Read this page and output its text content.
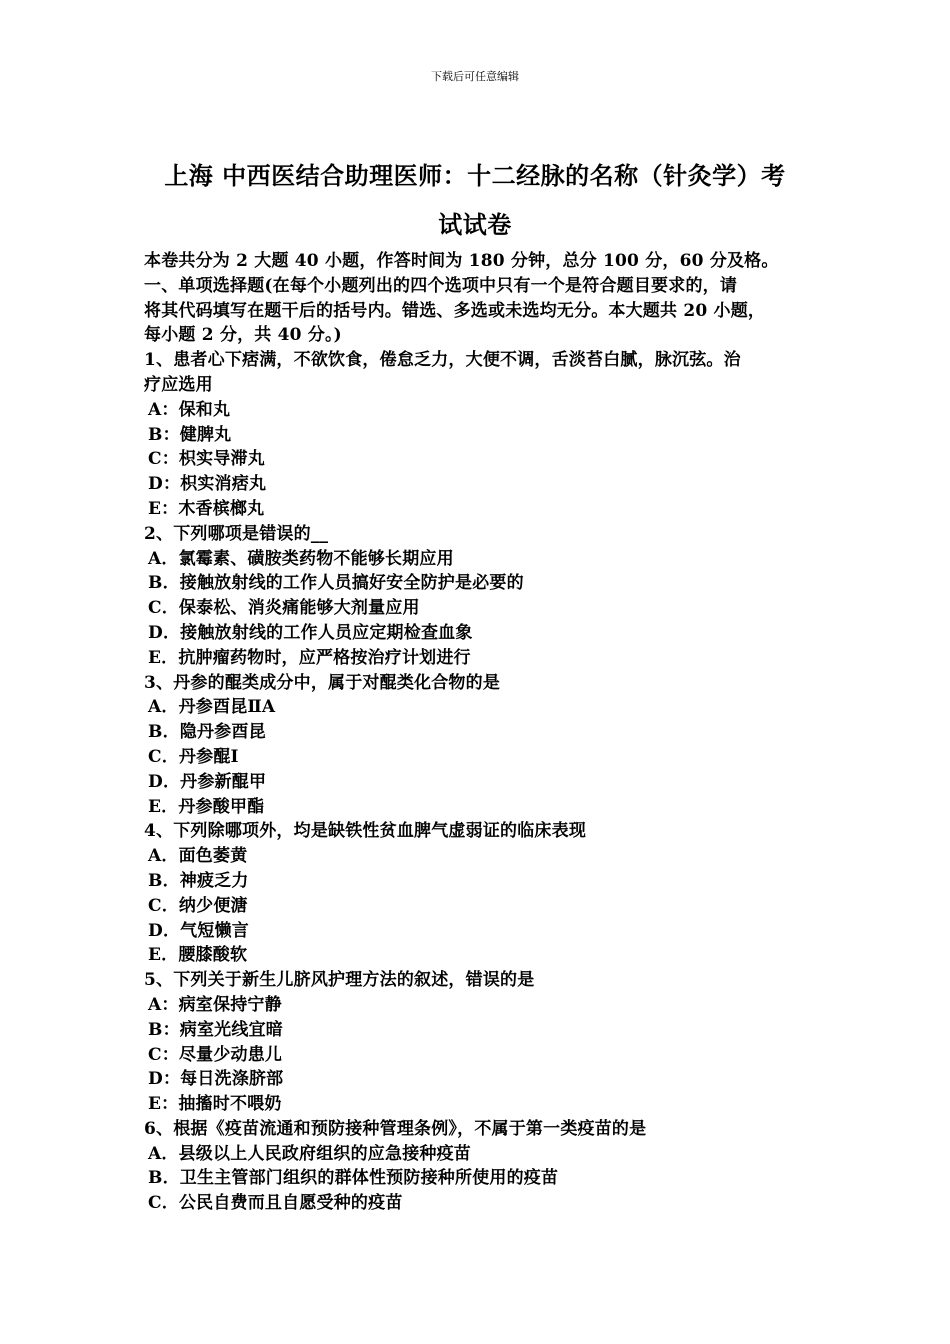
下载后可任意编辑
上海 中西医结合助理医师：十二经脉的名称（针灸学）考
试试卷
本卷共分为 2 大题 40 小题，作答时间为 180 分钟，总分 100 分，60 分及格。
一、单项选择题(在每个小题列出的四个选项中只有一个是符合题目要求的，请
将其代码填写在题干后的括号内。错选、多选或未选均无分。本大题共 20 小题，
每小题 2 分，共 40 分。)
1、患者心下痞满，不欲饮食，倦怠乏力，大便不调，舌淡苔白腻，脉沉弦。治
疗应选用
A：保和丸
B：健脾丸
C：枳实导滞丸
D：枳实消痞丸
E：木香槟榔丸
2、下列哪项是错误的__
A．氯霉素、磺胺类药物不能够长期应用
B．接触放射线的工作人员搞好安全防护是必要的
C．保泰松、消炎痛能够大剂量应用
D．接触放射线的工作人员应定期检查血象
E．抗肿瘤药物时，应严格按治疗计划进行
3、丹参的醌类成分中，属于对醌类化合物的是
A．丹参酉昆ⅡA
B．隐丹参酉昆
C．丹参醌Ⅰ
D．丹参新醌甲
E．丹参酸甲酯
4、下列除哪项外，均是缺铁性贫血脾气虚弱证的临床表现
A．面色萎黄
B．神疲乏力
C．纳少便溏
D．气短懒言
E．腰膝酸软
5、下列关于新生儿脐风护理方法的叙述，错误的是
A：病室保持宁静
B：病室光线宜暗
C：尽量少动患儿
D：每日洗涤脐部
E：抽搐时不喂奶
6、根据《疫苗流通和预防接种管理条例》，不属于第一类疫苗的是
A．县级以上人民政府组织的应急接种疫苗
B．卫生主管部门组织的群体性预防接种所使用的疫苗
C．公民自费而且自愿受种的疫苗
